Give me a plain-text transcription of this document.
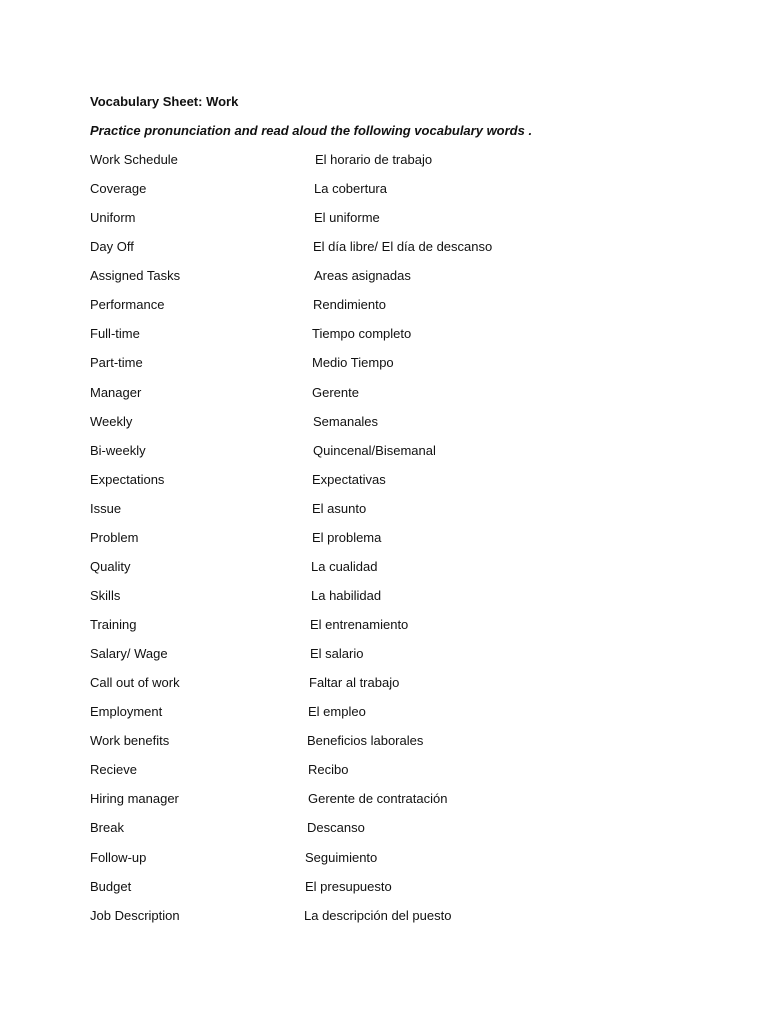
Vocabulary Sheet: Work
Practice pronunciation and read aloud the following vocabulary words .
Work Schedule	El horario de trabajo
Coverage	La cobertura
Uniform	El uniforme
Day Off	El día libre/ El día de descanso
Assigned Tasks	Areas asignadas
Performance	Rendimiento
Full-time	Tiempo completo
Part-time	Medio Tiempo
Manager	Gerente
Weekly	Semanales
Bi-weekly	Quincenal/Bisemanal
Expectations	Expectativas
Issue	El asunto
Problem	El problema
Quality	La cualidad
Skills	La habilidad
Training	El entrenamiento
Salary/ Wage	El salario
Call out of work	Faltar al trabajo
Employment	El empleo
Work benefits	Beneficios laborales
Recieve	Recibo
Hiring manager	Gerente de contratación
Break	Descanso
Follow-up	Seguimiento
Budget	El presupuesto
Job Description	La descripción del puesto
